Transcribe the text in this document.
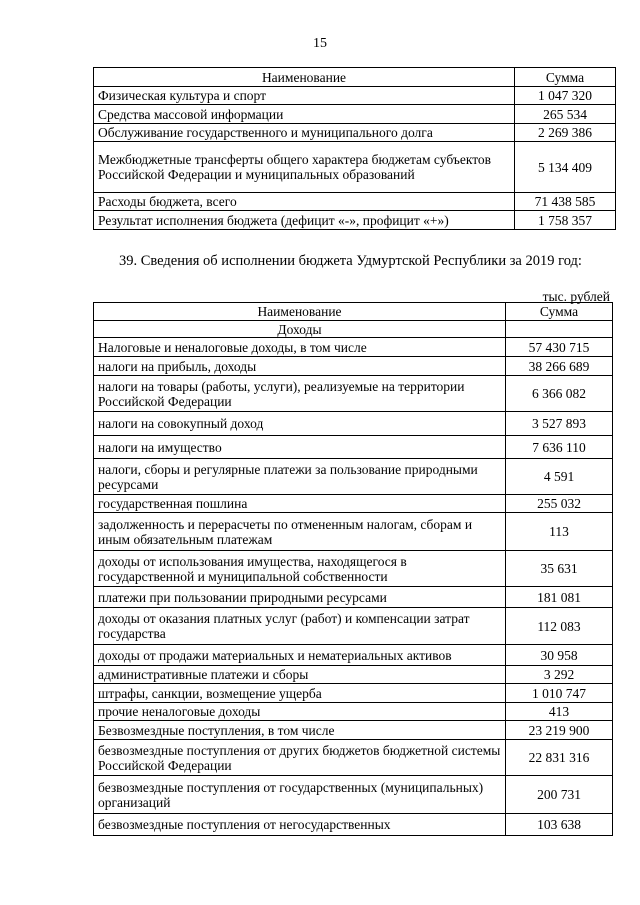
15
Наименование	Сумма
Физическая культура и спорт	1 047 320
Средства массовой информации	265 534
Обслуживание государственного и муниципального долга	2 269 386
Межбюджетные трансферты общего характера бюджетам субъектов Российской Федерации и муниципальных образований	5 134 409
Расходы бюджета, всего	71 438 585
Результат исполнения бюджета (дефицит «-», профицит «+»)	1 758 357
39. Сведения об исполнении бюджета Удмуртской Республики за 2019 год:
тыс. рублей
Наименование	Сумма
Доходы	
Налоговые и неналоговые доходы, в том числе	57 430 715
налоги на прибыль, доходы	38 266 689
налоги на товары (работы, услуги), реализуемые на территории Российской Федерации	6 366 082
налоги на совокупный доход	3 527 893
налоги на имущество	7 636 110
налоги, сборы и регулярные платежи за пользование природными ресурсами	4 591
государственная пошлина	255 032
задолженность и перерасчеты по отмененным налогам, сборам и иным обязательным платежам	113
доходы от использования имущества, находящегося в государственной и муниципальной собственности	35 631
платежи при пользовании природными ресурсами	181 081
доходы от оказания платных услуг (работ) и компенсации затрат государства	112 083
доходы от продажи материальных и нематериальных активов	30 958
административные платежи и сборы	3 292
штрафы, санкции, возмещение ущерба	1 010 747
прочие неналоговые доходы	413
Безвозмездные поступления, в том числе	23 219 900
безвозмездные поступления от других бюджетов бюджетной системы Российской Федерации	22 831 316
безвозмездные поступления от государственных (муниципальных) организаций	200 731
безвозмездные поступления от негосударственных	103 638
